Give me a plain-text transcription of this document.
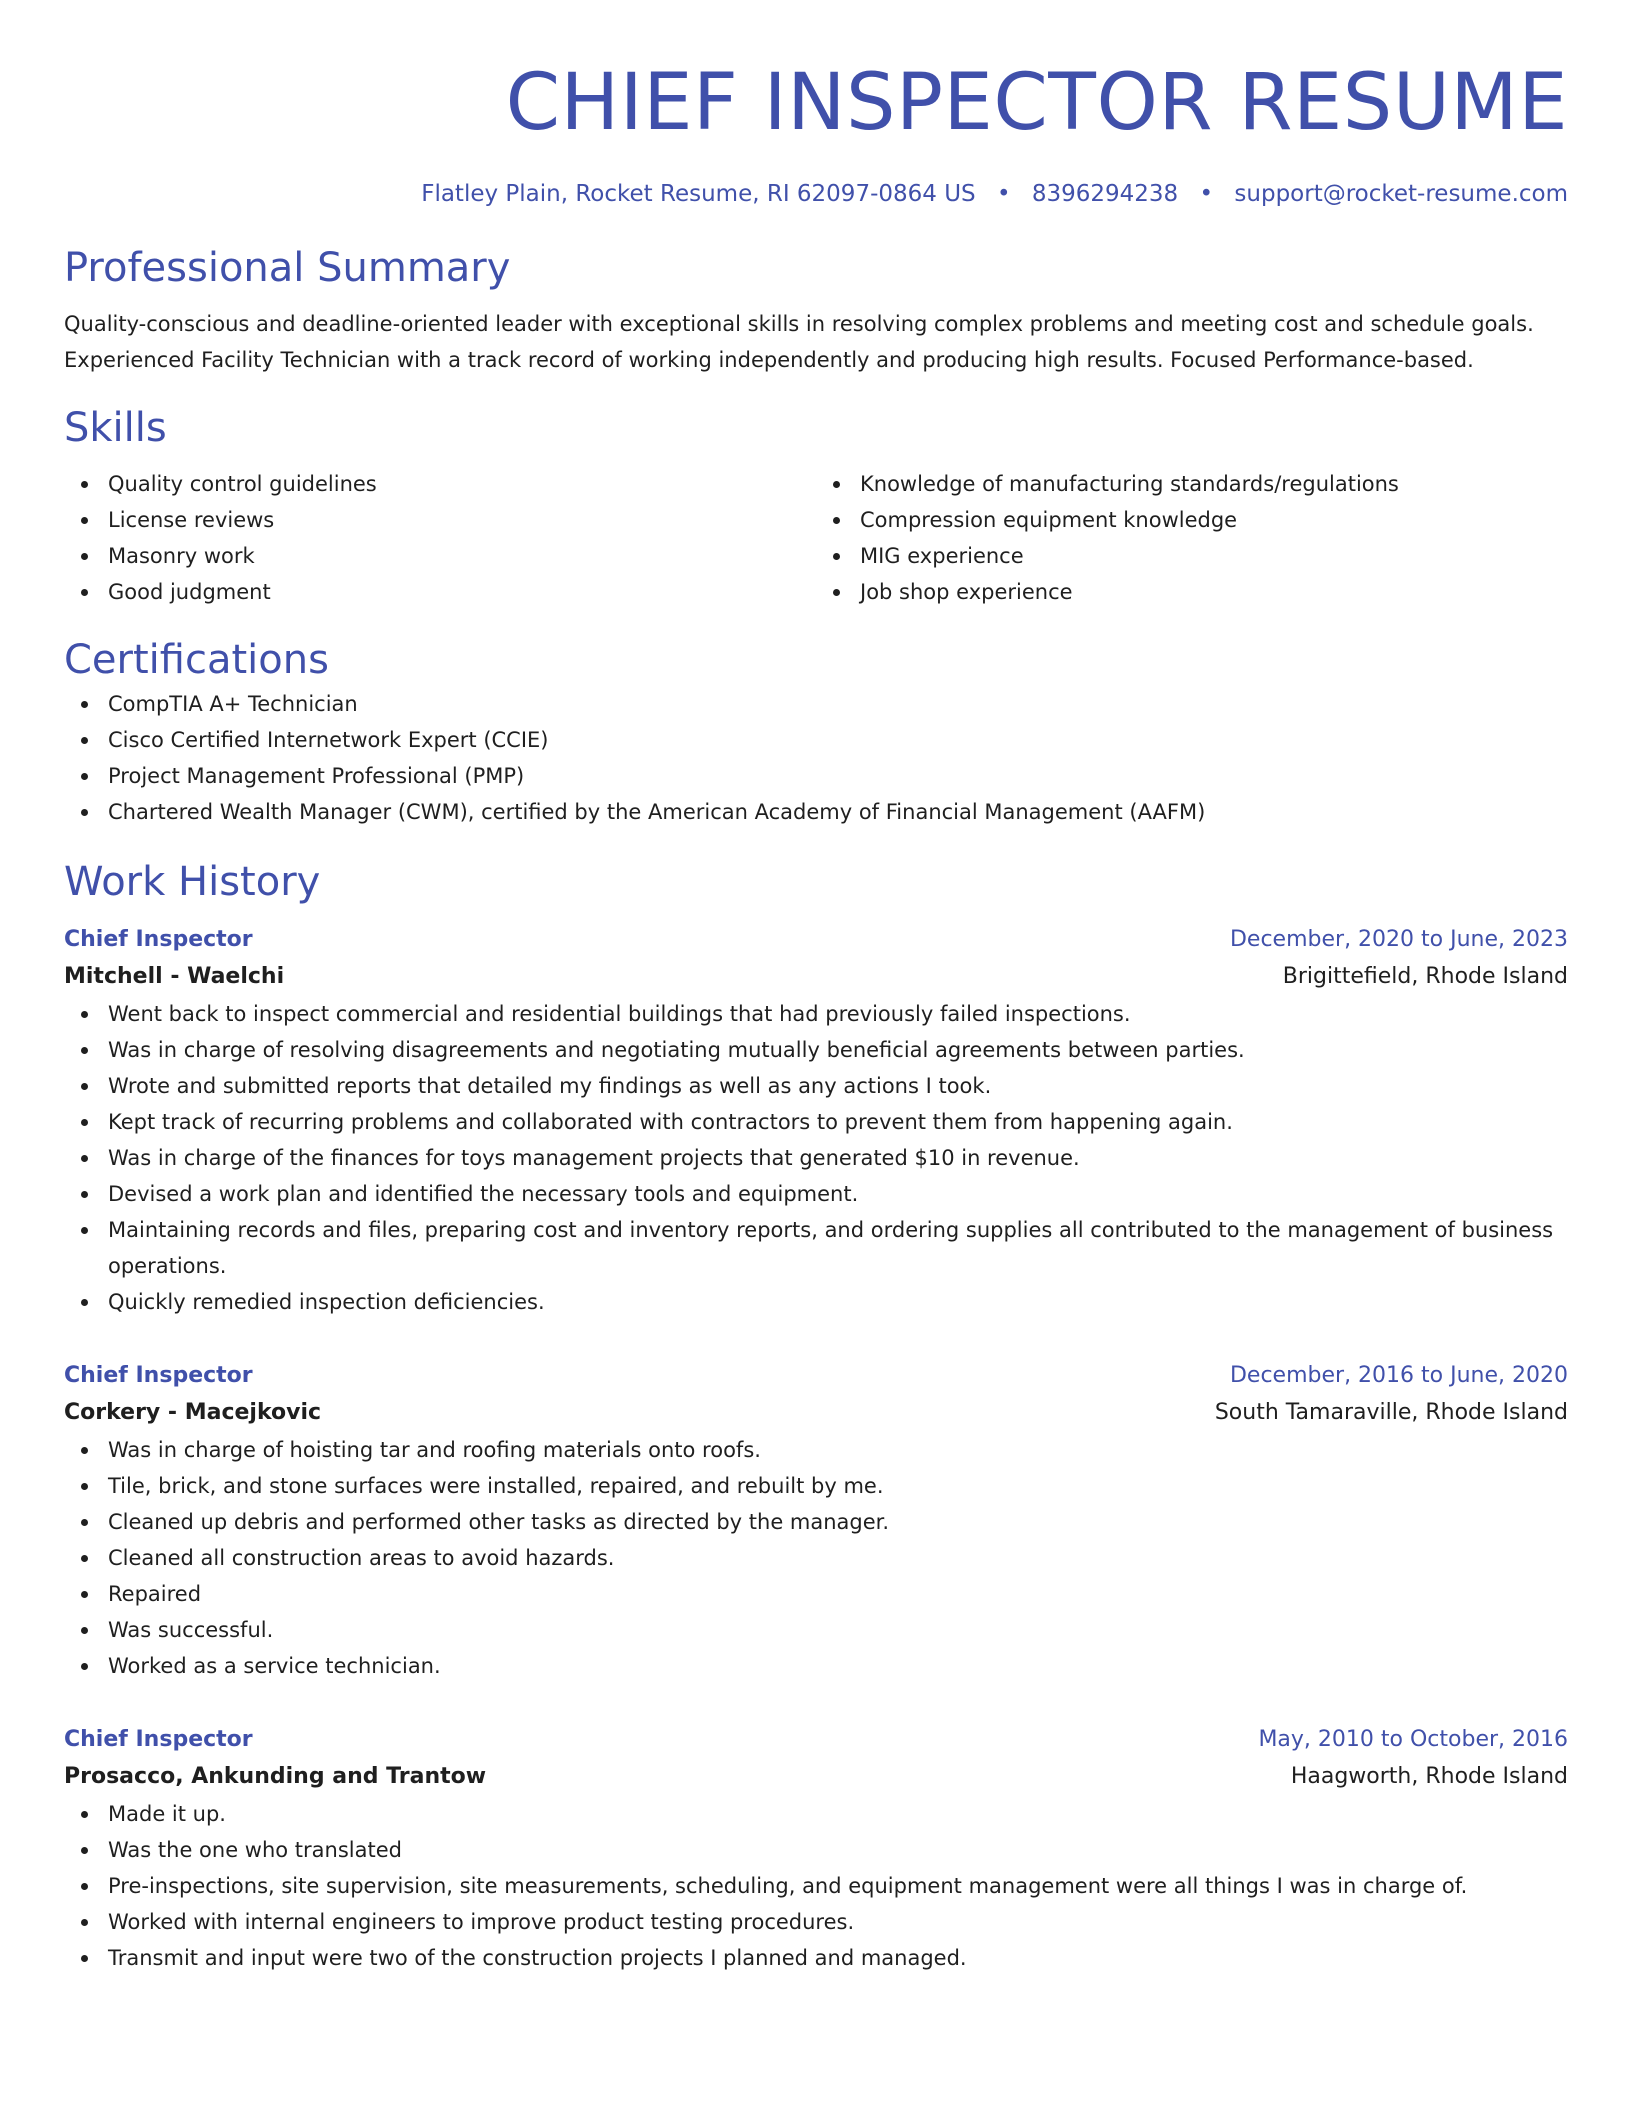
CHIEF INSPECTOR RESUME
Flatley Plain, Rocket Resume, RI 62097-0864 US • 8396294238 • support@rocket-resume.com
Professional Summary

Quality-conscious and deadline-oriented leader with exceptional skills in resolving complex problems and meeting cost and schedule goals. Experienced Facility Technician with a track record of working independently and producing high results. Focused Performance-based.

Skills
Quality control guidelines
License reviews
Masonry work
Good judgment
Knowledge of manufacturing standards/regulations
Compression equipment knowledge
MIG experience
Job shop experience
Certifications
CompTIA A+ Technician
Cisco Certified Internetwork Expert (CCIE)
Project Management Professional (PMP)
Chartered Wealth Manager (CWM), certified by the American Academy of Financial Management (AAFM)
Work History
Chief Inspector	December, 2020 to June, 2023
Mitchell - Waelchi	Brigittefield, Rhode Island
Went back to inspect commercial and residential buildings that had previously failed inspections.
Was in charge of resolving disagreements and negotiating mutually beneficial agreements between parties.
Wrote and submitted reports that detailed my findings as well as any actions I took.
Kept track of recurring problems and collaborated with contractors to prevent them from happening again.
Was in charge of the finances for toys management projects that generated $10 in revenue.
Devised a work plan and identified the necessary tools and equipment.
Maintaining records and files, preparing cost and inventory reports, and ordering supplies all contributed to the management of business operations.
Quickly remedied inspection deficiencies.
Chief Inspector	December, 2016 to June, 2020
Corkery - Macejkovic	South Tamaraville, Rhode Island
Was in charge of hoisting tar and roofing materials onto roofs.
Tile, brick, and stone surfaces were installed, repaired, and rebuilt by me.
Cleaned up debris and performed other tasks as directed by the manager.
Cleaned all construction areas to avoid hazards.
Repaired
Was successful.
Worked as a service technician.
Chief Inspector	May, 2010 to October, 2016
Prosacco, Ankunding and Trantow	Haagworth, Rhode Island
Made it up.
Was the one who translated
Pre-inspections, site supervision, site measurements, scheduling, and equipment management were all things I was in charge of.
Worked with internal engineers to improve product testing procedures.
Transmit and input were two of the construction projects I planned and managed.
